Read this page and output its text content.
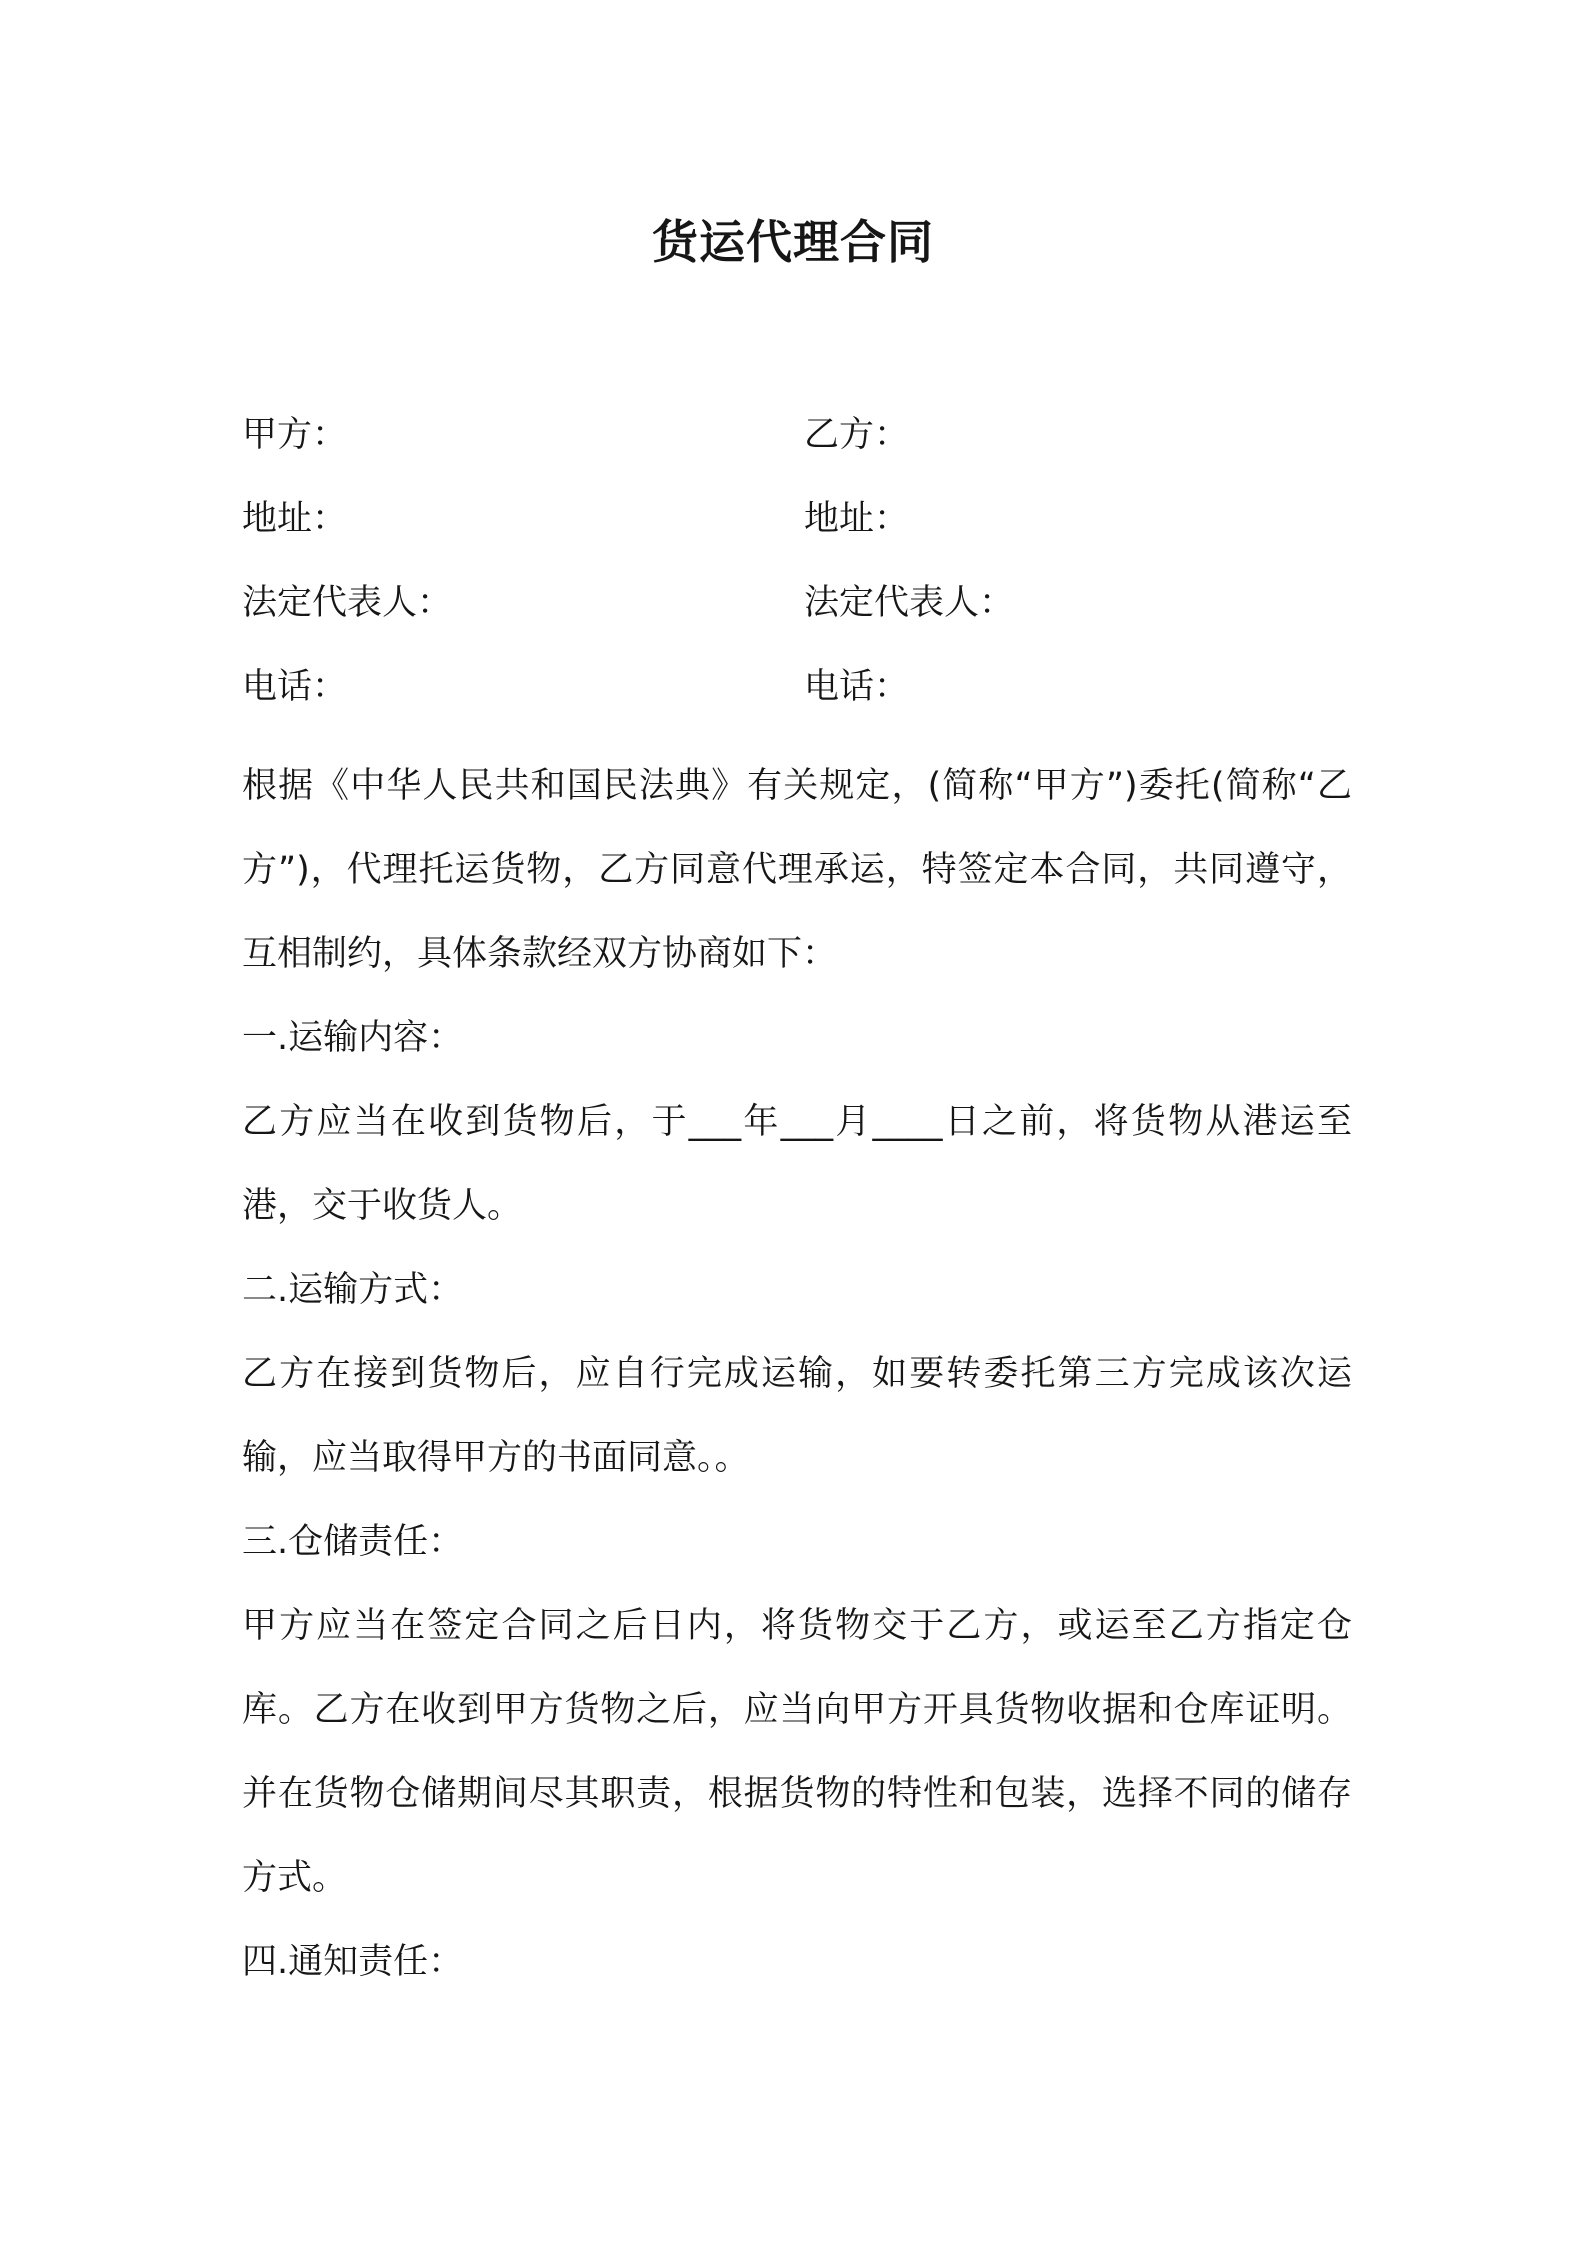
货运代理合同
甲方：	乙方：
地址：	地址：
法定代表人：	法定代表人：
电话：	电话：

根据《中华人民共和国民法典》有关规定，(简称“甲方”)委托(简称“乙方”)，代理托运货物，乙方同意代理承运，特签定本合同，共同遵守，互相制约，具体条款经双方协商如下：

一.运输内容：

乙方应当在收到货物后，于___年___月____日之前，将货物从港运至港，交于收货人。

二.运输方式：

乙方在接到货物后，应自行完成运输，如要转委托第三方完成该次运输，应当取得甲方的书面同意。。

三.仓储责任：

甲方应当在签定合同之后日内，将货物交于乙方，或运至乙方指定仓库。乙方在收到甲方货物之后，应当向甲方开具货物收据和仓库证明。并在货物仓储期间尽其职责，根据货物的特性和包装，选择不同的储存方式。

四.通知责任：
